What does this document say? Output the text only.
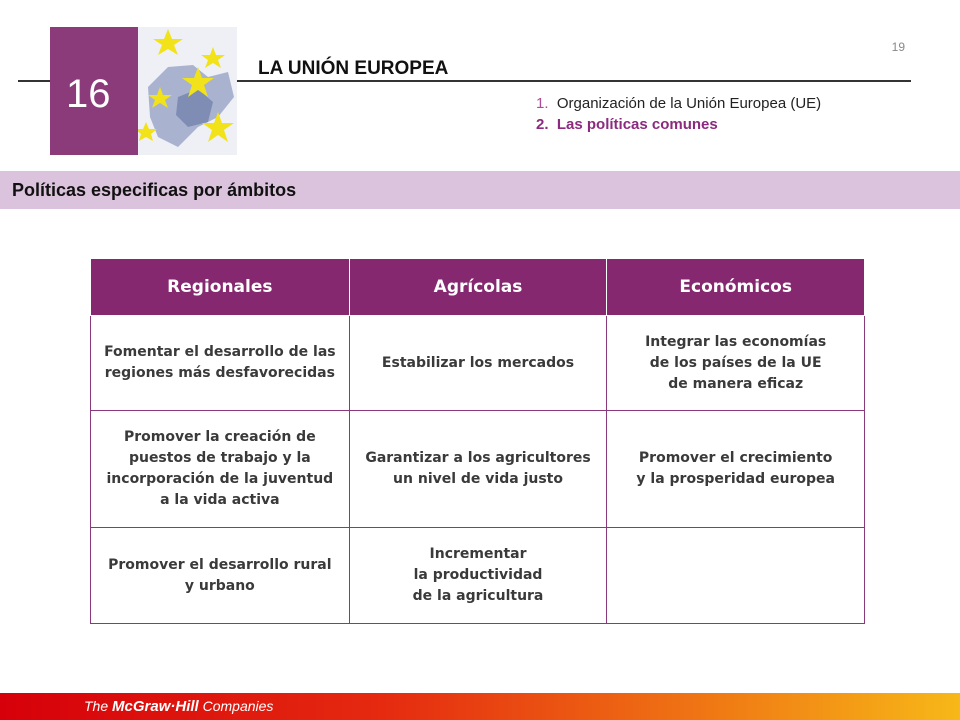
19
16
LA UNIÓN EUROPEA
1. Organización de la Unión Europea (UE)
2. Las políticas comunes
Políticas especificas por ámbitos
Regionales	Agrícolas	Económicos
Fomentar el desarrollo de las
regiones más desfavorecidas	Estabilizar los mercados	Integrar las economías
de los países de la UE
de manera eficaz
Promover la creación de
puestos de trabajo y la
incorporación de la juventud
a la vida activa	Garantizar a los agricultores
un nivel de vida justo	Promover el crecimiento
y la prosperidad europea
Promover el desarrollo rural
y urbano	Incrementar
la productividad
de la agricultura	
The McGraw·Hill Companies
